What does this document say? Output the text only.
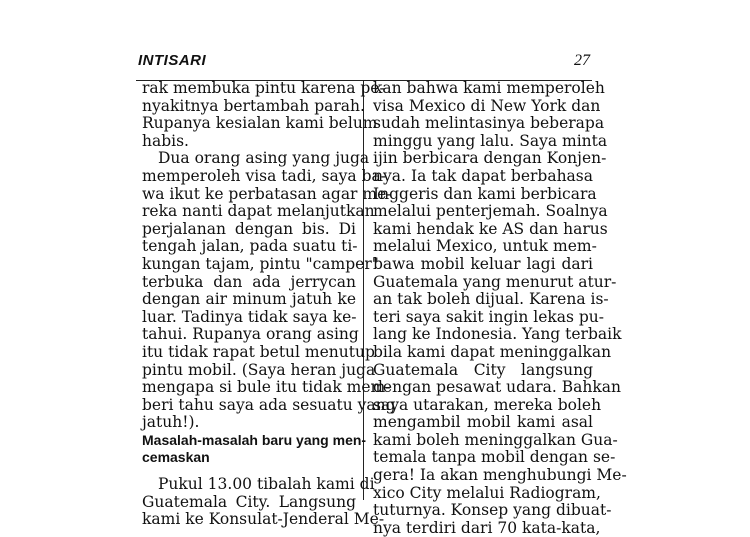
INTISARI	27
rak membuka pintu karena pe-
nyakitnya bertambah parah.
Rupanya kesialan kami belum
habis.
Dua orang asing yang juga
memperoleh visa tadi, saya ba-
wa ikut ke perbatasan agar me-
reka nanti dapat melanjutkan
perjalanan dengan bis. Di
tengah jalan, pada suatu ti-
kungan tajam, pintu "camper"
terbuka dan ada jerrycan
dengan air minum jatuh ke
luar. Tadinya tidak saya ke-
tahui. Rupanya orang asing
itu tidak rapat betul menutup
pintu mobil. (Saya heran juga
mengapa si bule itu tidak mem-
beri tahu saya ada sesuatu yang
jatuh!).
Masalah-masalah baru yang men-
cemaskan
Pukul 13.00 tibalah kami di
Guatemala City. Langsung
kami ke Konsulat-Jenderal Me-
kan bahwa kami memperoleh
visa Mexico di New York dan
sudah melintasinya beberapa
minggu yang lalu. Saya minta
ijin berbicara dengan Konjen-
nya. Ia tak dapat berbahasa
Inggeris dan kami berbicara
melalui penterjemah. Soalnya
kami hendak ke AS dan harus
melalui Mexico, untuk mem-
bawa mobil keluar lagi dari
Guatemala yang menurut atur-
an tak boleh dijual. Karena is-
teri saya sakit ingin lekas pu-
lang ke Indonesia. Yang terbaik
bila kami dapat meninggalkan
Guatemala City langsung
dengan pesawat udara. Bahkan
saya utarakan, mereka boleh
mengambil mobil kami asal
kami boleh meninggalkan Gua-
temala tanpa mobil dengan se-
gera! Ia akan menghubungi Me-
xico City melalui Radiogram,
tuturnya. Konsep yang dibuat-
nya terdiri dari 70 kata-kata,
